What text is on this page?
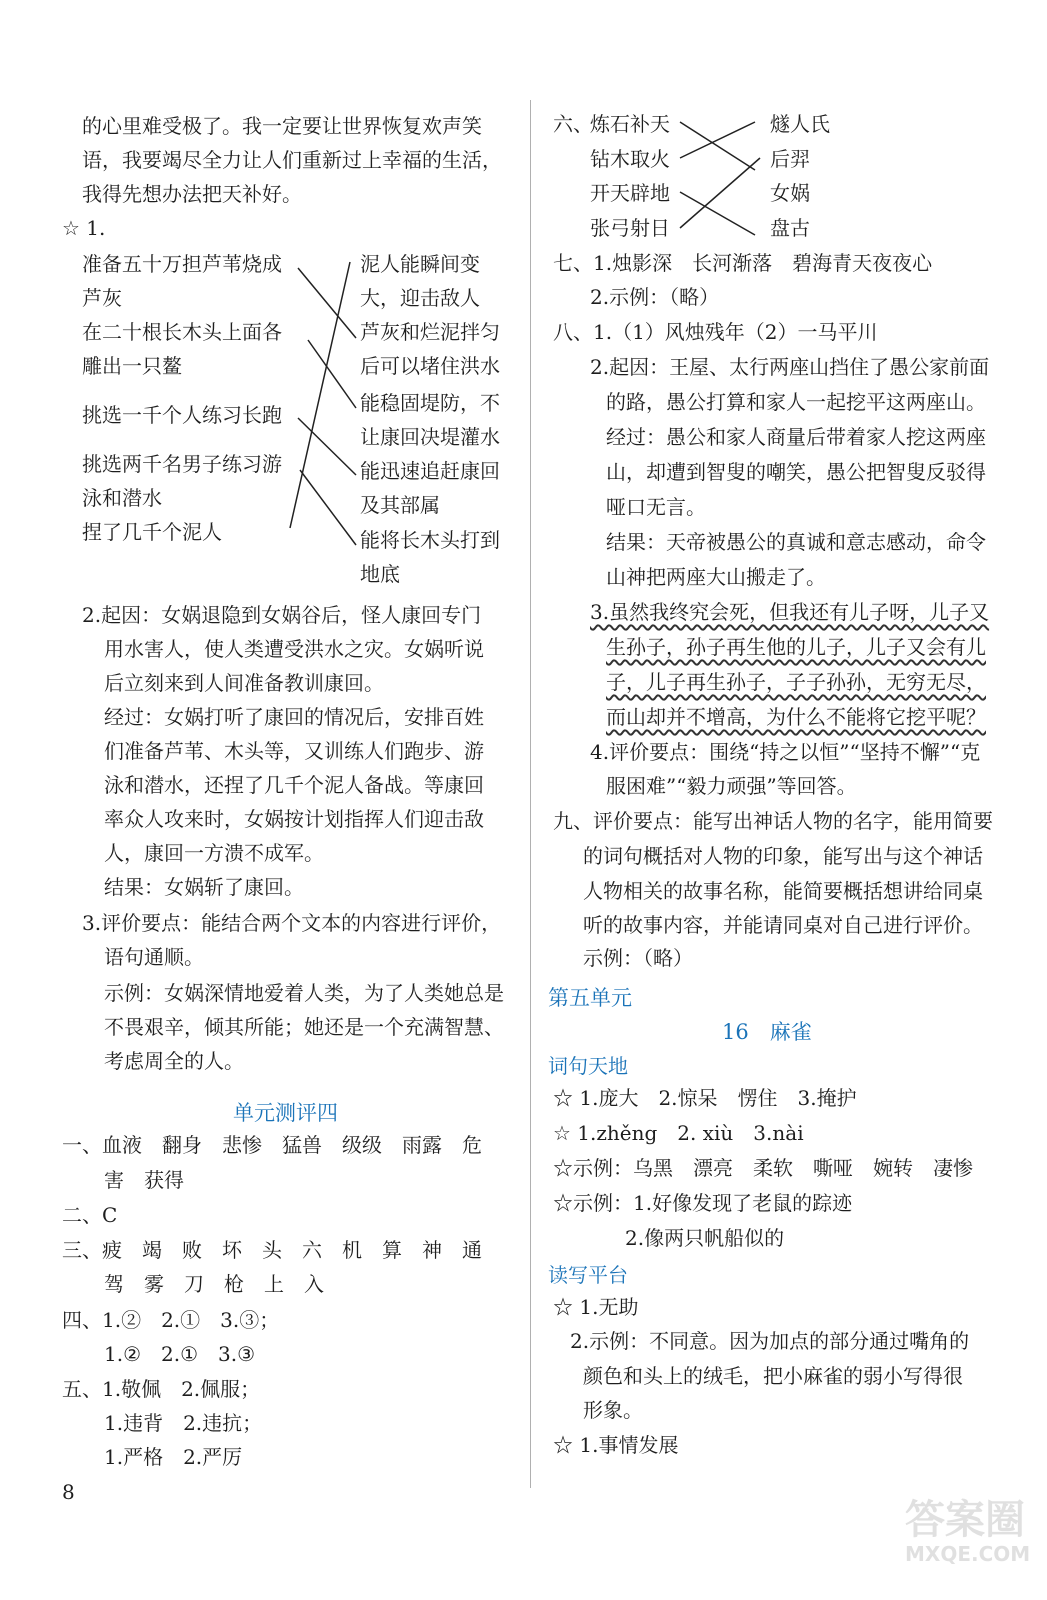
的心里难受极了。我一定要让世界恢复欢声笑
语，我要竭尽全力让人们重新过上幸福的生活，
我得先想办法把天补好。
☆ 1.
准备五十万担芦苇烧成
芦灰
在二十根长木头上面各
雕出一只鳌
挑选一千个人练习长跑
挑选两千名男子练习游
泳和潜水
捏了几千个泥人
泥人能瞬间变
大，迎击敌人
芦灰和烂泥拌匀
后可以堵住洪水
能稳固堤防，不
让康回决堤灌水
能迅速追赶康回
及其部属
能将长木头打到
地底
2.起因：女娲退隐到女娲谷后，怪人康回专门
用水害人，使人类遭受洪水之灾。女娲听说
后立刻来到人间准备教训康回。
经过：女娲打听了康回的情况后，安排百姓
们准备芦苇、木头等，又训练人们跑步、游
泳和潜水，还捏了几千个泥人备战。等康回
率众人攻来时，女娲按计划指挥人们迎击敌
人，康回一方溃不成军。
结果：女娲斩了康回。
3.评价要点：能结合两个文本的内容进行评价，
语句通顺。
示例：女娲深情地爱着人类，为了人类她总是
不畏艰辛，倾其所能；她还是一个充满智慧、
考虑周全的人。
单元测评四
一、血液　翻身　悲惨　猛兽　级级　雨露　危
害　获得
二、C
三、疲　竭　败　坏　头　六　机　算　神　通
驾　雾　刀　枪　上　入
四、1.②　2.①　3.③；
1.②　2.①　3.③
五、1.敬佩　2.佩服；
1.违背　2.违抗；
1.严格　2.严厉
8
六、
炼石补天
钻木取火
开天辟地
张弓射日
燧人氏
后羿
女娲
盘古
七、1.烛影深　长河渐落　碧海青天夜夜心
2.示例：（略）
八、1.（1）风烛残年（2）一马平川
2.起因：王屋、太行两座山挡住了愚公家前面
的路，愚公打算和家人一起挖平这两座山。
经过：愚公和家人商量后带着家人挖这两座
山，却遭到智叟的嘲笑，愚公把智叟反驳得
哑口无言。
结果：天帝被愚公的真诚和意志感动，命令
山神把两座大山搬走了。
3.虽然我终究会死，但我还有儿子呀，儿子又
生孙子，孙子再生他的儿子，儿子又会有儿
子，儿子再生孙子，子子孙孙，无穷无尽，
而山却并不增高，为什么不能将它挖平呢？
4.评价要点：围绕“持之以恒”“坚持不懈”“克
服困难”“毅力顽强”等回答。
九、评价要点：能写出神话人物的名字，能用简要
的词句概括对人物的印象，能写出与这个神话
人物相关的故事名称，能简要概括想讲给同桌
听的故事内容，并能请同桌对自己进行评价。
示例：（略）
第五单元
16　麻雀
词句天地
☆ 1.庞大　2.惊呆　愣住　3.掩护
☆ 1.zhěng　2. xiù　3.nài
☆示例：乌黑　漂亮　柔软　嘶哑　婉转　凄惨
☆示例：1.好像发现了老鼠的踪迹
2.像两只帆船似的
读写平台
☆ 1.无助
2.示例：不同意。因为加点的部分通过嘴角的
颜色和头上的绒毛，把小麻雀的弱小写得很
形象。
☆ 1.事情发展
答案圈
MXQE.COM
